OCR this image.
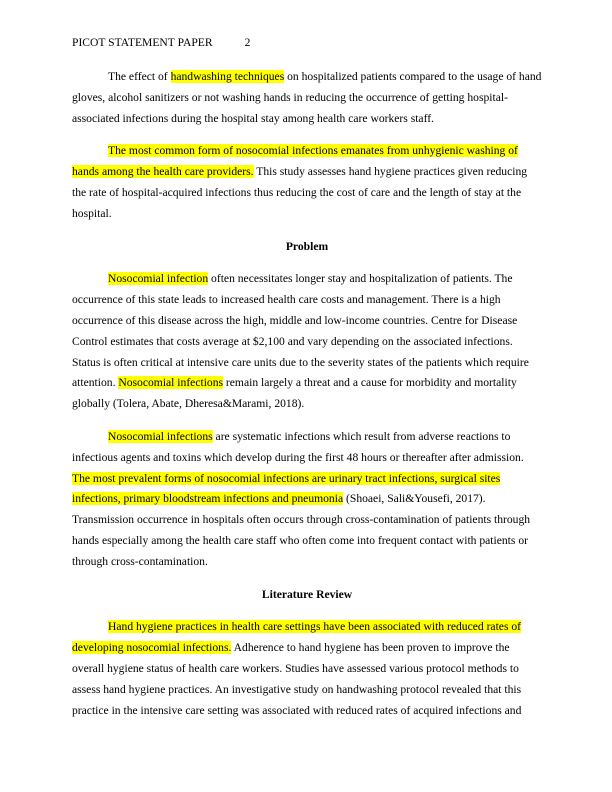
PICOT STATEMENT PAPER	2

The effect of handwashing techniques on hospitalized patients compared to the usage of hand gloves, alcohol sanitizers or not washing hands in reducing the occurrence of getting hospital-associated infections during the hospital stay among health care workers staff.

The most common form of nosocomial infections emanates from unhygienic washing of hands among the health care providers. This study assesses hand hygiene practices given reducing the rate of hospital-acquired infections thus reducing the cost of care and the length of stay at the hospital.

Problem

Nosocomial infection often necessitates longer stay and hospitalization of patients. The occurrence of this state leads to increased health care costs and management. There is a high occurrence of this disease across the high, middle and low-income countries. Centre for Disease Control estimates that costs average at $2,100 and vary depending on the associated infections. Status is often critical at intensive care units due to the severity states of the patients which require attention. Nosocomial infections remain largely a threat and a cause for morbidity and mortality globally (Tolera, Abate, Dheresa&Marami, 2018).

Nosocomial infections are systematic infections which result from adverse reactions to infectious agents and toxins which develop during the first 48 hours or thereafter after admission. The most prevalent forms of nosocomial infections are urinary tract infections, surgical sites infections, primary bloodstream infections and pneumonia (Shoaei, Sali&Yousefi, 2017). Transmission occurrence in hospitals often occurs through cross-contamination of patients through hands especially among the health care staff who often come into frequent contact with patients or through cross-contamination.

Literature Review

Hand hygiene practices in health care settings have been associated with reduced rates of developing nosocomial infections. Adherence to hand hygiene has been proven to improve the overall hygiene status of health care workers. Studies have assessed various protocol methods to assess hand hygiene practices. An investigative study on handwashing protocol revealed that this practice in the intensive care setting was associated with reduced rates of acquired infections and
